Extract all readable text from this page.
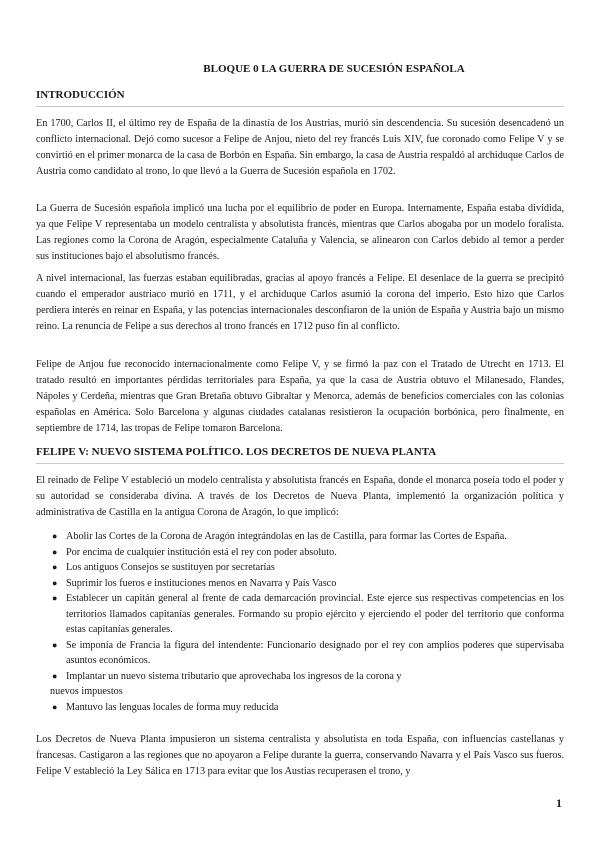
BLOQUE 0 LA GUERRA DE SUCESIÓN ESPAÑOLA
INTRODUCCIÓN

En 1700, Carlos II, el último rey de España de la dinastía de los Austrias, murió sin descendencia. Su sucesión desencadenó un conflicto internacional. Dejó como sucesor a Felipe de Anjou, nieto del rey francés Luis XIV, fue coronado como Felipe V y se convirtió en el primer monarca de la casa de Borbón en España. Sin embargo, la casa de Austria respaldó al archiduque Carlos de Austria como candidato al trono, lo que llevó a la Guerra de Sucesión española en 1702.

La Guerra de Sucesión española implicó una lucha por el equilibrio de poder en Europa. Internamente, España estaba dividida, ya que Felipe V representaba un modelo centralista y absolutista francés, mientras que Carlos abogaba por un modelo foralista. Las regiones como la Corona de Aragón, especialmente Cataluña y Valencia, se alinearon con Carlos debido al temor a perder sus instituciones bajo el absolutismo francés.

A nivel internacional, las fuerzas estaban equilibradas, gracias al apoyo francés a Felipe. El desenlace de la guerra se precipitó cuando el emperador austriaco murió en 1711, y el archiduque Carlos asumió la corona del imperio. Esto hizo que Carlos perdiera interés en reinar en España, y las potencias internacionales desconfiaron de la unión de España y Austria bajo un mismo reino. La renuncia de Felipe a sus derechos al trono francés en 1712 puso fin al conflicto.

Felipe de Anjou fue reconocido internacionalmente como Felipe V, y se firmó la paz con el Tratado de Utrecht en 1713. El tratado resultó en importantes pérdidas territoriales para España, ya que la casa de Austria obtuvo el Milanesado, Flandes, Nápoles y Cerdeña, mientras que Gran Bretaña obtuvo Gibraltar y Menorca, además de beneficios comerciales con las colonias españolas en América. Solo Barcelona y algunas ciudades catalanas resistieron la ocupación borbónica, pero finalmente, en septiembre de 1714, las tropas de Felipe tomaron Barcelona.

FELIPE V: NUEVO SISTEMA POLÍTICO. LOS DECRETOS DE NUEVA PLANTA

El reinado de Felipe V estableció un modelo centralista y absolutista francés en España, donde el monarca poseía todo el poder y su autoridad se consideraba divina. A través de los Decretos de Nueva Planta, implementó la organización política y administrativa de Castilla en la antigua Corona de Aragón, lo que implicó:

● Abolir las Cortes de la Corona de Aragón integrándolas en las de Castilla, para formar las Cortes de España.
● Por encima de cualquier institución está el rey con poder absoluto.
● Los antiguos Consejos se sustituyen por secretarías
● Suprimir los fueros e instituciones menos en Navarra y País Vasco
● Establecer un capitán general al frente de cada demarcación provincial. Este ejerce sus respectivas competencias en los territorios llamados capitanías generales. Formando su propio ejército y ejerciendo el poder del territorio que conforma estas capitanías generales.
● Se imponía de Francia la figura del intendente: Funcionario designado por el rey con amplios poderes que supervisaba asuntos económicos.
● Implantar un nuevo sistema tributario que aprovechaba los ingresos de la corona y
nuevos impuestos
● Mantuvo las lenguas locales de forma muy reducida

Los Decretos de Nueva Planta impusieron un sistema centralista y absolutista en toda España, con influencias castellanas y francesas. Castigaron a las regiones que no apoyaron a Felipe durante la guerra, conservando Navarra y el País Vasco sus fueros. Felipe V estableció la Ley Sálica en 1713 para evitar que los Austias recuperasen el trono, y

1
